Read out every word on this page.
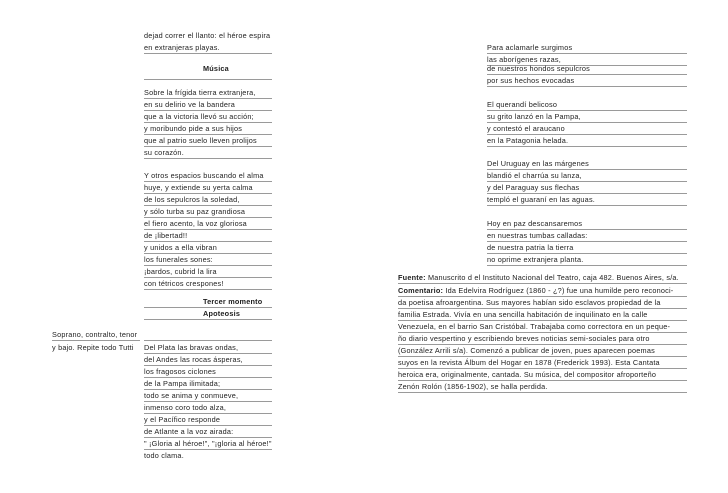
dejad correr el llanto: el héroe espira
en extranjeras playas.
Música
Sobre la frígida tierra extranjera,
en su delirio ve la bandera
que a la victoria llevó su acción;
y moribundo pide a sus hijos
que al patrio suelo lleven prolijos
su corazón.
Y otros espacios buscando el alma
huye, y extiende su yerta calma
de los sepulcros la soledad,
y sólo turba su paz grandiosa
el fiero acento, la voz gloriosa
de ¡libertad!!
y unidos a ella vibran
los funerales sones:
¡bardos, cubrid la lira
con tétricos crespones!
Tercer momento
Apoteosis
Soprano, contralto, tenor
y bajo. Repite todo Tutti Del Plata las bravas ondas,
del Andes las rocas ásperas,
los fragosos ciclones
de la Pampa ilimitada;
todo se anima y conmueve,
inmenso coro todo alza,
y el Pacífico responde
de Atlante a la voz airada:
" ¡Gloria al héroe!", "¡gloria al héroe!"
todo clama.
Para aclamarle surgimos
las aborígenes razas,
de nuestros hondos sepulcros
por sus hechos evocadas
El querandí belicoso
su grito lanzó en la Pampa,
y contestó el araucano
en la Patagonia helada.
Del Uruguay en las márgenes
blandió el charrúa su lanza,
y del Paraguay sus flechas
templó el guaraní en las aguas.
Hoy en paz descansaremos
en nuestras tumbas calladas:
de nuestra patria la tierra
no oprime extranjera planta.
Fuente: Manuscrito d el Instituto Nacional del Teatro, caja 482. Buenos Aires, s/a.
Comentario: Ida Edelvira Rodríguez (1860 - ¿?) fue una humilde pero reconoci-
da poetisa afroargentina. Sus mayores habían sido esclavos propiedad de la
familia Estrada. Vivía en una sencilla habitación de inquilinato en la calle
Venezuela, en el barrio San Cristóbal. Trabajaba como correctora en un peque-
ño diario vespertino y escribiendo breves noticias semi-sociales para otro
(González Arrili s/a). Comenzó a publicar de joven, pues aparecen poemas
suyos en la revista Álbum del Hogar en 1878 (Frederick 1993). Esta Cantata
heroica era, originalmente, cantada. Su música, del compositor afroporteño
Zenón Rolón (1856-1902), se halla perdida.
